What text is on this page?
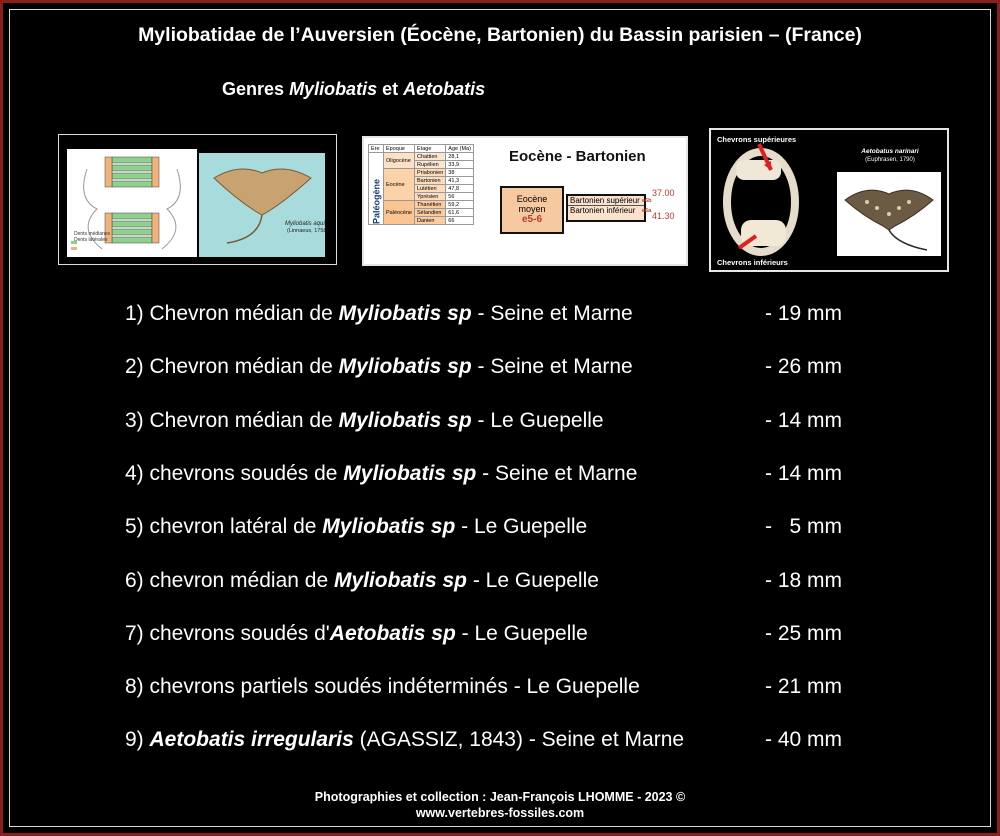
Myliobatidae de l’Auversien (Éocène, Bartonien) du Bassin parisien – (France)
Genres Myliobatis et Aetobatis
Dents médianes
Dents latérales
Myliobatis aquila
(Linnaeus, 1758)
Ere	Epoque	Etage	Age (Ma)
Paléogène	Oligocène	Chattien	28,1
		Rupélien	33,9
	Eocène	Priabonien	38
		Bartonien	41,3
		Lutétien	47,8
		Yprésien	56
	Paléocène	Thanétien	59,2
		Sélandien	61,6
		Danien	66
Eocène - Bartonien
Eocène
moyen
e5-6
Bartonien supérieur
Bartonien inférieur
e6b
e6a
37.00
41.30
Chevrons supérieures
Chevrons inférieurs
Aetobatus narinari
(Euphrasen, 1790)
1) Chevron médian de Myliobatis sp - Seine et Marne	- 19 mm
2) Chevron médian de Myliobatis sp - Seine et Marne	- 26 mm
3) Chevron médian de Myliobatis sp - Le Guepelle	- 14 mm
4) chevrons soudés de Myliobatis sp - Seine et Marne	- 14 mm
5) chevron latéral de Myliobatis sp - Le Guepelle	-   5 mm
6) chevron médian de Myliobatis sp - Le Guepelle	- 18 mm
7) chevrons soudés d'Aetobatis sp - Le Guepelle	- 25 mm
8) chevrons partiels soudés indéterminés - Le Guepelle	- 21 mm
9) Aetobatis irregularis (AGASSIZ, 1843) - Seine et Marne	- 40 mm
Photographies et collection : Jean-François LHOMME - 2023 ©
www.vertebres-fossiles.com
